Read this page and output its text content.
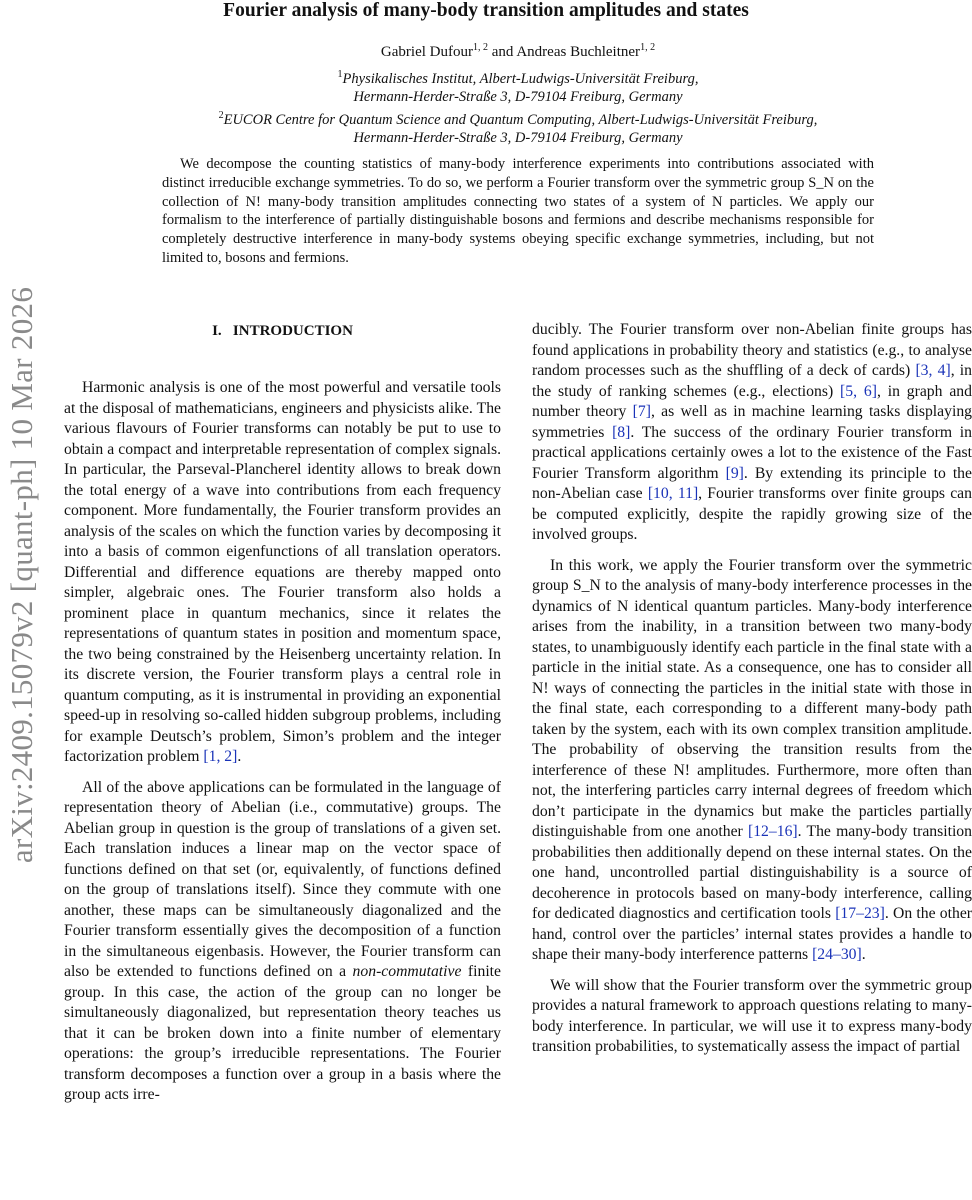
arXiv:2409.15079v2 [quant-ph] 10 Mar 2026
Fourier analysis of many-body transition amplitudes and states
Gabriel Dufour$^{1, 2}$ and Andreas Buchleitner$^{1, 2}$
$^1$Physikalisches Institut, Albert-Ludwigs-Universität Freiburg,
Hermann-Herder-Straße 3, D-79104 Freiburg, Germany
$^2$EUCOR Centre for Quantum Science and Quantum Computing, Albert-Ludwigs-Universität Freiburg,
Hermann-Herder-Straße 3, D-79104 Freiburg, Germany
We decompose the counting statistics of many-body interference experiments into contributions associated with distinct irreducible exchange symmetries. To do so, we perform a Fourier transform over the symmetric group S_N on the collection of N! many-body transition amplitudes connecting two states of a system of N particles. We apply our formalism to the interference of partially distinguishable bosons and fermions and describe mechanisms responsible for completely destructive interference in many-body systems obeying specific exchange symmetries, including, but not limited to, bosons and fermions.
I. INTRODUCTION

Harmonic analysis is one of the most powerful and versatile tools at the disposal of mathematicians, engineers and physicists alike. The various flavours of Fourier transforms can notably be put to use to obtain a compact and interpretable representation of complex signals. In particular, the Parseval-Plancherel identity allows to break down the total energy of a wave into contributions from each frequency component. More fundamentally, the Fourier transform provides an analysis of the scales on which the function varies by decomposing it into a basis of common eigenfunctions of all translation operators. Differential and difference equations are thereby mapped onto simpler, algebraic ones. The Fourier transform also holds a prominent place in quantum mechanics, since it relates the representations of quantum states in position and momentum space, the two being constrained by the Heisenberg uncertainty relation. In its discrete version, the Fourier transform plays a central role in quantum computing, as it is instrumental in providing an exponential speed-up in resolving so-called hidden subgroup problems, including for example Deutsch’s problem, Simon’s problem and the integer factorization problem [1, 2].

All of the above applications can be formulated in the language of representation theory of Abelian (i.e., commutative) groups. The Abelian group in question is the group of translations of a given set. Each translation induces a linear map on the vector space of functions defined on that set (or, equivalently, of functions defined on the group of translations itself). Since they commute with one another, these maps can be simultaneously diagonalized and the Fourier transform essentially gives the decomposition of a function in the simultaneous eigenbasis. However, the Fourier transform can also be extended to functions defined on a non-commutative finite group. In this case, the action of the group can no longer be simultaneously diagonalized, but representation theory teaches us that it can be broken down into a finite number of elementary operations: the group’s irreducible representations. The Fourier transform decomposes a function over a group in a basis where the group acts irre-

ducibly. The Fourier transform over non-Abelian finite groups has found applications in probability theory and statistics (e.g., to analyse random processes such as the shuffling of a deck of cards) [3, 4], in the study of ranking schemes (e.g., elections) [5, 6], in graph and number theory [7], as well as in machine learning tasks displaying symmetries [8]. The success of the ordinary Fourier transform in practical applications certainly owes a lot to the existence of the Fast Fourier Transform algorithm [9]. By extending its principle to the non-Abelian case [10, 11], Fourier transforms over finite groups can be computed explicitly, despite the rapidly growing size of the involved groups.

In this work, we apply the Fourier transform over the symmetric group S_N to the analysis of many-body interference processes in the dynamics of N identical quantum particles. Many-body interference arises from the inability, in a transition between two many-body states, to unambiguously identify each particle in the final state with a particle in the initial state. As a consequence, one has to consider all N! ways of connecting the particles in the initial state with those in the final state, each corresponding to a different many-body path taken by the system, each with its own complex transition amplitude. The probability of observing the transition results from the interference of these N! amplitudes. Furthermore, more often than not, the interfering particles carry internal degrees of freedom which don’t participate in the dynamics but make the particles partially distinguishable from one another [12–16]. The many-body transition probabilities then additionally depend on these internal states. On the one hand, uncontrolled partial distinguishability is a source of decoherence in protocols based on many-body interference, calling for dedicated diagnostics and certification tools [17–23]. On the other hand, control over the particles’ internal states provides a handle to shape their many-body interference patterns [24–30].

We will show that the Fourier transform over the symmetric group provides a natural framework to approach questions relating to many-body interference. In particular, we will use it to express many-body transition probabilities, to systematically assess the impact of partial
